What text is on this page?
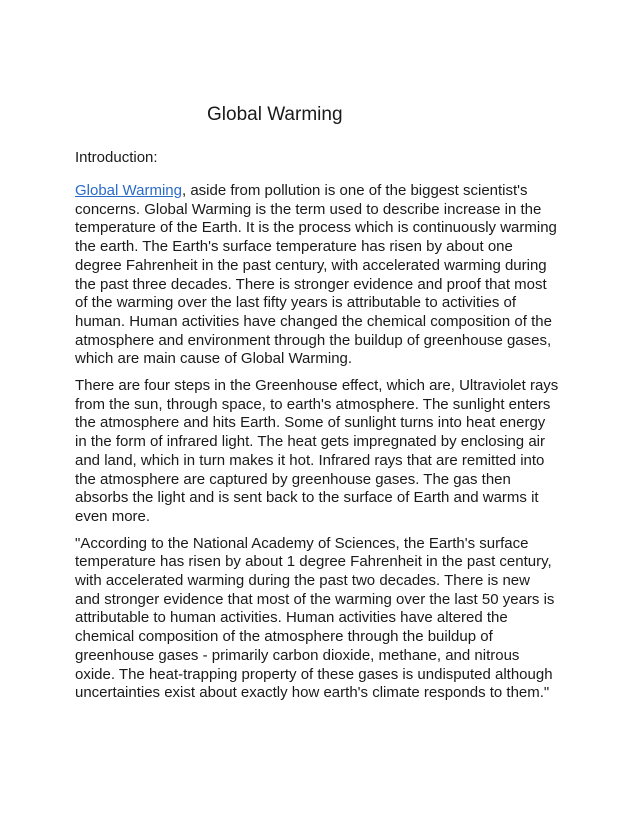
Global Warming
Introduction:
Global Warming, aside from pollution is one of the biggest scientist's
concerns. Global Warming is the term used to describe increase in the
temperature of the Earth. It is the process which is continuously warming
the earth. The Earth's surface temperature has risen by about one
degree Fahrenheit in the past century, with accelerated warming during
the past three decades. There is stronger evidence and proof that most
of the warming over the last fifty years is attributable to activities of
human. Human activities have changed the chemical composition of the
atmosphere and environment through the buildup of greenhouse gases,
which are main cause of Global Warming.
There are four steps in the Greenhouse effect, which are, Ultraviolet rays
from the sun, through space, to earth's atmosphere. The sunlight enters
the atmosphere and hits Earth. Some of sunlight turns into heat energy
in the form of infrared light. The heat gets impregnated by enclosing air
and land, which in turn makes it hot. Infrared rays that are remitted into
the atmosphere are captured by greenhouse gases. The gas then
absorbs the light and is sent back to the surface of Earth and warms it
even more.
"According to the National Academy of Sciences, the Earth's surface
temperature has risen by about 1 degree Fahrenheit in the past century,
with accelerated warming during the past two decades. There is new
and stronger evidence that most of the warming over the last 50 years is
attributable to human activities. Human activities have altered the
chemical composition of the atmosphere through the buildup of
greenhouse gases - primarily carbon dioxide, methane, and nitrous
oxide. The heat-trapping property of these gases is undisputed although
uncertainties exist about exactly how earth's climate responds to them."
